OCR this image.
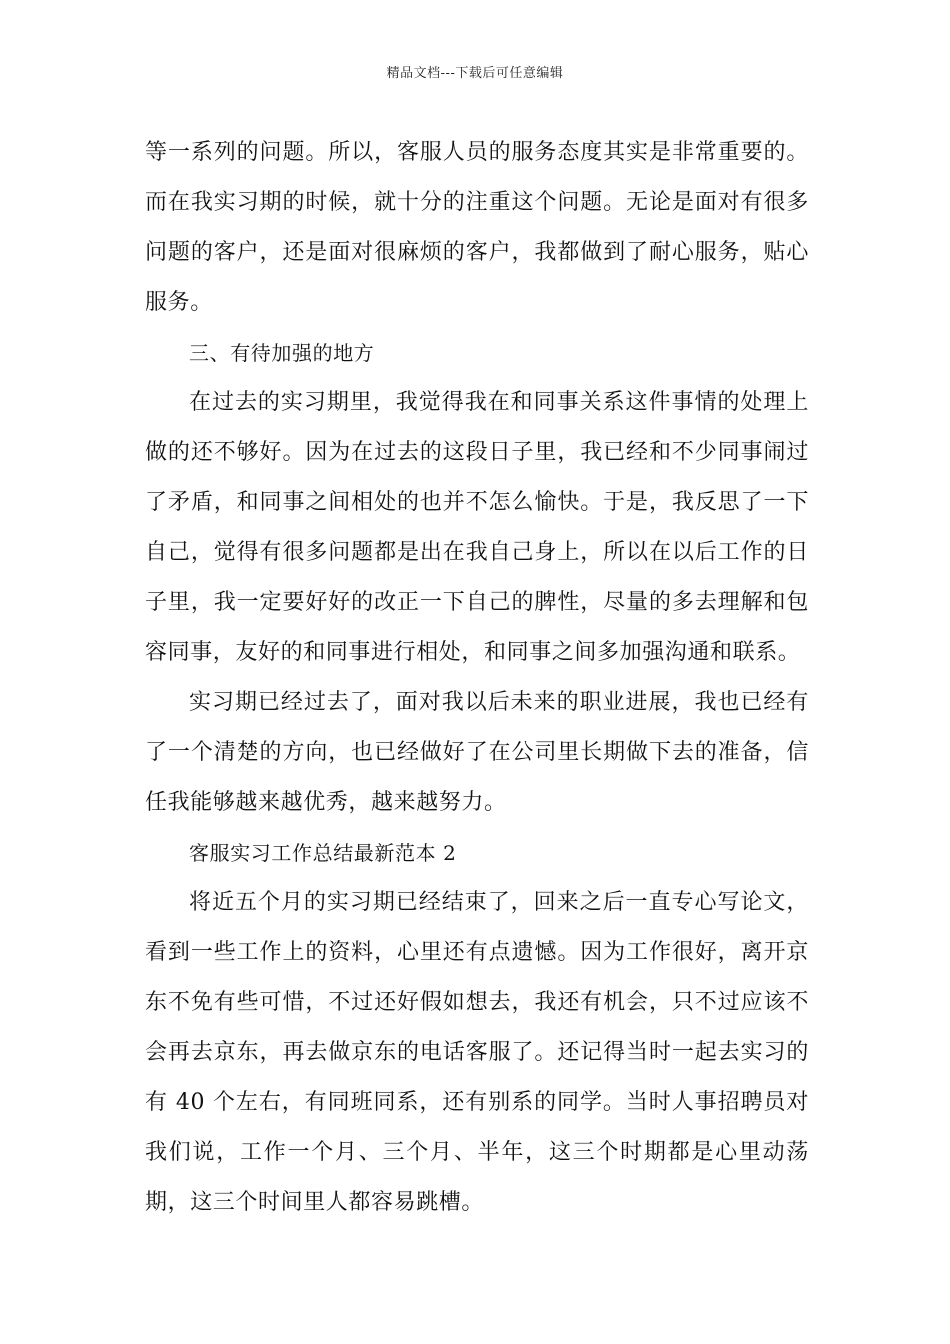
精品文档---下载后可任意编辑

等一系列的问题。所以，客服人员的服务态度其实是非常重要的。而在我实习期的时候，就十分的注重这个问题。无论是面对有很多问题的客户，还是面对很麻烦的客户，我都做到了耐心服务，贴心服务。

三、有待加强的地方

在过去的实习期里，我觉得我在和同事关系这件事情的处理上做的还不够好。因为在过去的这段日子里，我已经和不少同事闹过了矛盾，和同事之间相处的也并不怎么愉快。于是，我反思了一下自己，觉得有很多问题都是出在我自己身上，所以在以后工作的日子里，我一定要好好的改正一下自己的脾性，尽量的多去理解和包容同事，友好的和同事进行相处，和同事之间多加强沟通和联系。

实习期已经过去了，面对我以后未来的职业进展，我也已经有了一个清楚的方向，也已经做好了在公司里长期做下去的准备，信任我能够越来越优秀，越来越努力。

客服实习工作总结最新范本 2

将近五个月的实习期已经结束了，回来之后一直专心写论文，看到一些工作上的资料，心里还有点遗憾。因为工作很好，离开京东不免有些可惜，不过还好假如想去，我还有机会，只不过应该不会再去京东，再去做京东的电话客服了。还记得当时一起去实习的有 40 个左右，有同班同系，还有别系的同学。当时人事招聘员对我们说，工作一个月、三个月、半年，这三个时期都是心里动荡期，这三个时间里人都容易跳槽。
